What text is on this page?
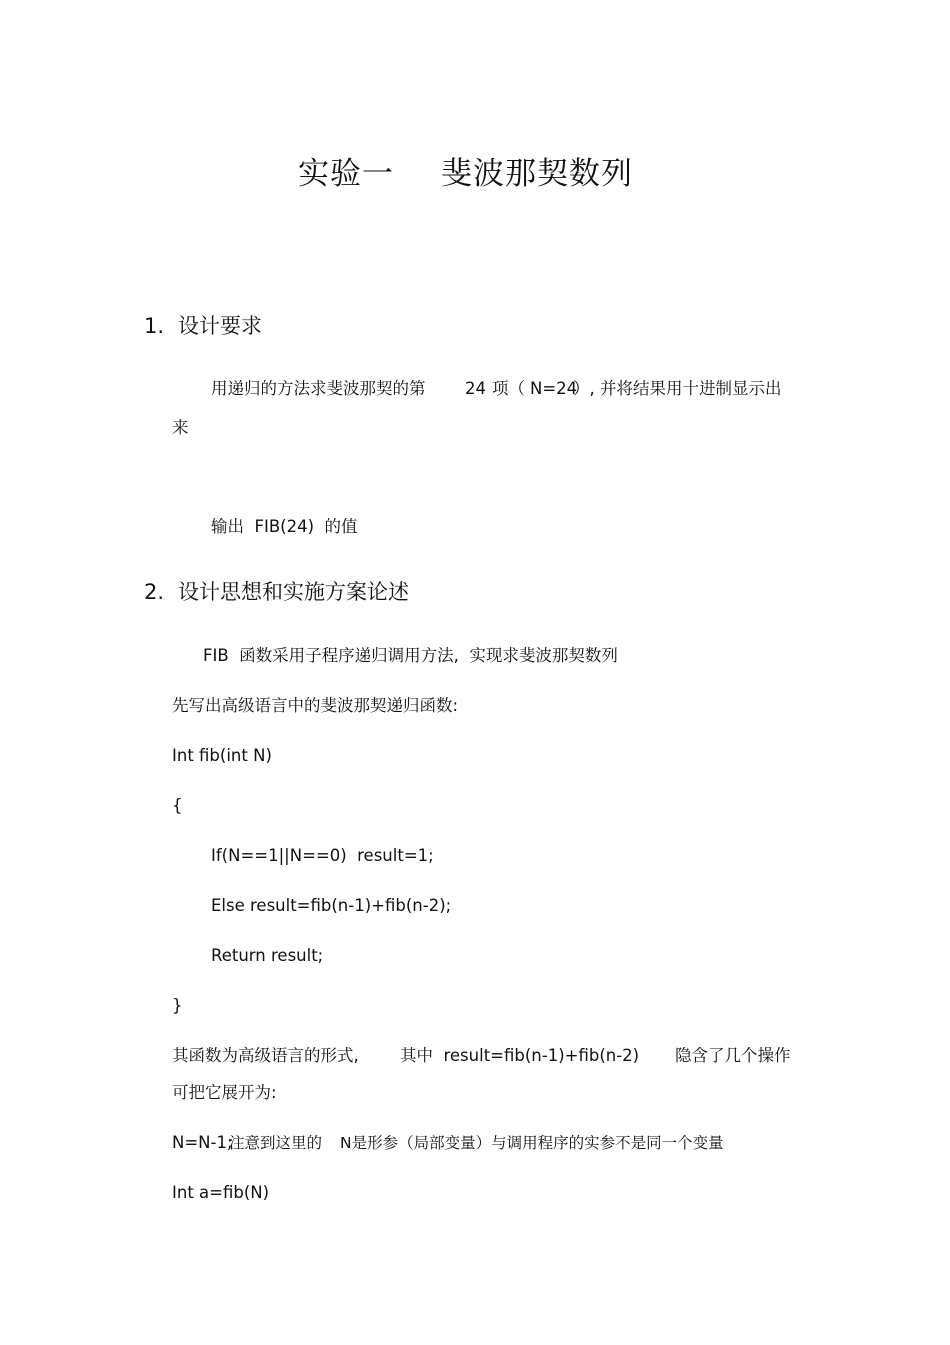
实验一 斐波那契数列
1. 设计要求
用递归的方法求斐波那契的第 24 项（ N=24
）, 并将结果用十进制显示出
来
输出  FIB(24)  的值
2. 设计思想和实施方案论述
FIB  函数采用子程序递归调用方法,  实现求斐波那契数列
先写出高级语言中的斐波那契递归函数:
Int fib(int N)
{
If(N==1||N==0)  result=1;
Else result=fib(n-1)+fib(n-2);
Return result;
}
其函数为高级语言的形式,	其中  result=fib(n-1)+fib(n-2) 隐含了几个操作
可把它展开为:
N=N-1;
注意到这里的 N是形参（局部变量）与调用程序的实参不是同一个变量
Int a=fib(N)
